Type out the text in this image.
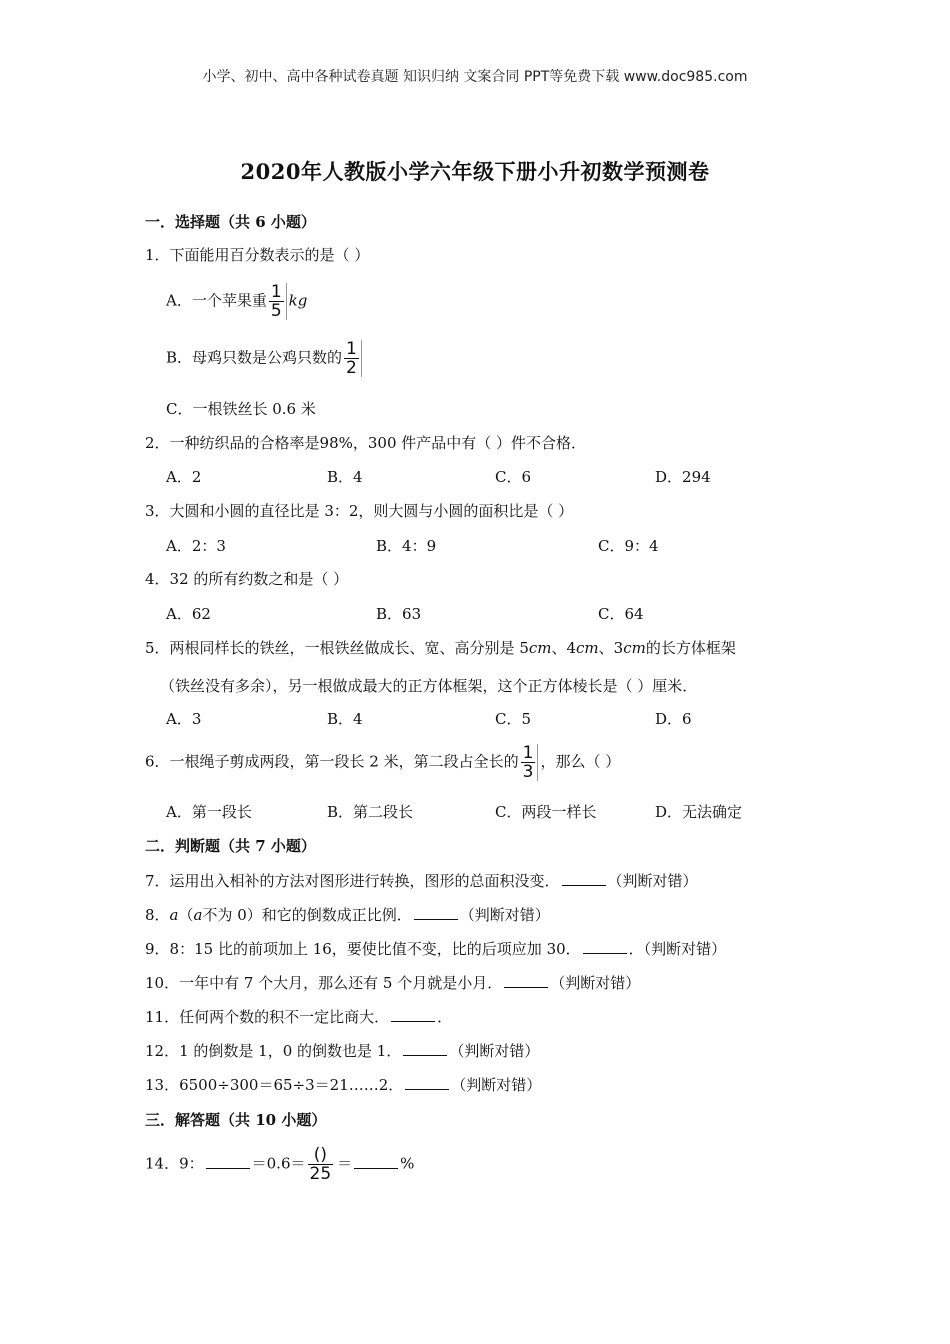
小学、初中、高中各种试卷真题 知识归纳 文案合同 PPT等免费下载 www.doc985.com
2020年人教版小学六年级下册小升初数学预测卷
一．选择题（共 6 小题）
1．下面能用百分数表示的是（ ）
A．一个苹果重 $\frac{1}{5}$ kg
B．母鸡只数是公鸡只数的 $\frac{1}{2}$
C．一根铁丝长 0.6 米
2．一种纺织品的合格率是98%，300 件产品中有（ ）件不合格．
A．2	B．4	C．6	D．294
3．大圆和小圆的直径比是 3：2，则大圆与小圆的面积比是（ ）
A．2：3	B．4：9	C．9：4
4．32 的所有约数之和是（ ）
A．62	B．63	C．64
5．两根同样长的铁丝，一根铁丝做成长、宽、高分别是 5cm、4cm、3cm的长方体框架
（铁丝没有多余），另一根做成最大的正方体框架，这个正方体棱长是（ ）厘米．
A．3	B．4	C．5	D．6
6．一根绳子剪成两段，第一段长 2 米，第二段占全长的 $\frac{1}{3}$ ，那么（ ）
A．第一段长	B．第二段长	C．两段一样长	D．无法确定
二．判断题（共 7 小题）
7．运用出入相补的方法对图形进行转换，图形的总面积没变．	（判断对错）
8．a（a不为 0）和它的倒数成正比例．	（判断对错）
9．8：15 比的前项加上 16，要使比值不变，比的后项应加 30．	．（判断对错）
10．一年中有 7 个大月，那么还有 5 个月就是小月．	（判断对错）
11．任何两个数的积不一定比商大．	．
12．1 的倒数是 1，0 的倒数也是 1．	（判断对错）
13．6500÷300＝65÷3＝21……2．	（判断对错）
三．解答题（共 10 小题）
14．9：	$=0.6= \frac{()}{25}$ ＝	%
